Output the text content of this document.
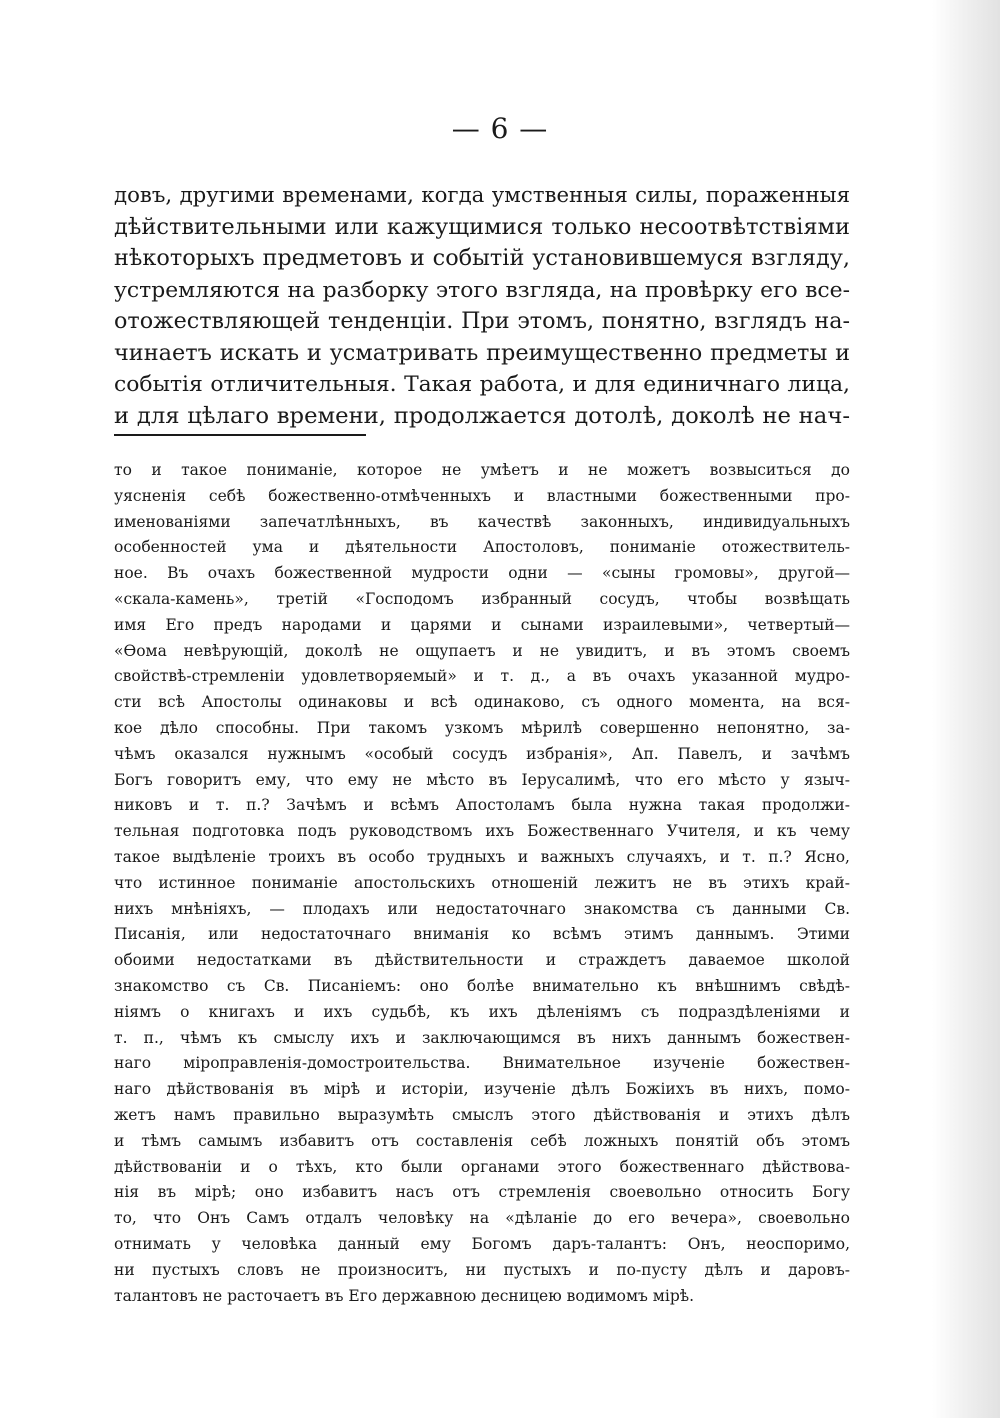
— 6 —
довъ, другими временами, когда умственныя силы, пораженныя
дѣйствительными или кажущимися только несоотвѣтствіями
нѣкоторыхъ предметовъ и событій установившемуся взгляду,
устремляются на разборку этого взгляда, на провѣрку его все-
отожествляющей тенденціи. При этомъ, понятно, взглядъ на-
чинаетъ искать и усматривать преимущественно предметы и
событія отличительныя. Такая работа, и для единичнаго лица,
и для цѣлаго времени, продолжается дотолѣ, доколѣ не нач-
то и такое пониманіе, которое не умѣетъ и не можетъ возвыситься до
уясненія себѣ божественно-отмѣченныхъ и властными божественными про-
именованіями запечатлѣнныхъ, въ качествѣ законныхъ, индивидуальныхъ
особенностей ума и дѣятельности Апостоловъ, пониманіе отожествитель-
ное. Въ очахъ божественной мудрости одни — «сыны громовы», другой—
«скала-камень», третій «Господомъ избранный сосудъ, чтобы возвѣщать
имя Его предъ народами и царями и сынами израилевыми», четвертый—
«Ѳома невѣрующій, доколѣ не ощупаетъ и не увидитъ, и въ этомъ своемъ
свойствѣ-стремленіи удовлетворяемый» и т. д., а въ очахъ указанной мудро-
сти всѣ Апостолы одинаковы и всѣ одинаково, съ одного момента, на вся-
кое дѣло способны. При такомъ узкомъ мѣрилѣ совершенно непонятно, за-
чѣмъ оказался нужнымъ «особый сосудъ избранія», Ап. Павелъ, и зачѣмъ
Богъ говоритъ ему, что ему не мѣсто въ Іерусалимѣ, что его мѣсто у языч-
никовъ и т. п.? Зачѣмъ и всѣмъ Апостоламъ была нужна такая продолжи-
тельная подготовка подъ руководствомъ ихъ Божественнаго Учителя, и къ чему
такое выдѣленіе троихъ въ особо трудныхъ и важныхъ случаяхъ, и т. п.? Ясно,
что истинное пониманіе апостольскихъ отношеній лежитъ не въ этихъ край-
нихъ мнѣніяхъ, — плодахъ или недостаточнаго знакомства съ данными Св.
Писанія, или недостаточнаго вниманія ко всѣмъ этимъ даннымъ. Этими
обоими недостатками въ дѣйствительности и страждетъ даваемое школой
знакомство съ Св. Писаніемъ: оно болѣе внимательно къ внѣшнимъ свѣдѣ-
ніямъ о книгахъ и ихъ судьбѣ, къ ихъ дѣленіямъ съ подраздѣленіями и
т. п., чѣмъ къ смыслу ихъ и заключающимся въ нихъ даннымъ божествен-
наго міроправленія-домостроительства. Внимательное изученіе божествен-
наго дѣйствованія въ мірѣ и исторіи, изученіе дѣлъ Божіихъ въ нихъ, помо-
жетъ намъ правильно выразумѣть смыслъ этого дѣйствованія и этихъ дѣлъ
и тѣмъ самымъ избавитъ отъ составленія себѣ ложныхъ понятій объ этомъ
дѣйствованіи и о тѣхъ, кто были органами этого божественнаго дѣйствова-
нія въ мірѣ; оно избавитъ насъ отъ стремленія своевольно относить Богу
то, что Онъ Самъ отдалъ человѣку на «дѣланіе до его вечера», своевольно
отнимать у человѣка данный ему Богомъ даръ-талантъ: Онъ, неоспоримо,
ни пустыхъ словъ не произноситъ, ни пустыхъ и по-пусту дѣлъ и даровъ-
талантовъ не расточаетъ въ Его державною десницею водимомъ мірѣ.
